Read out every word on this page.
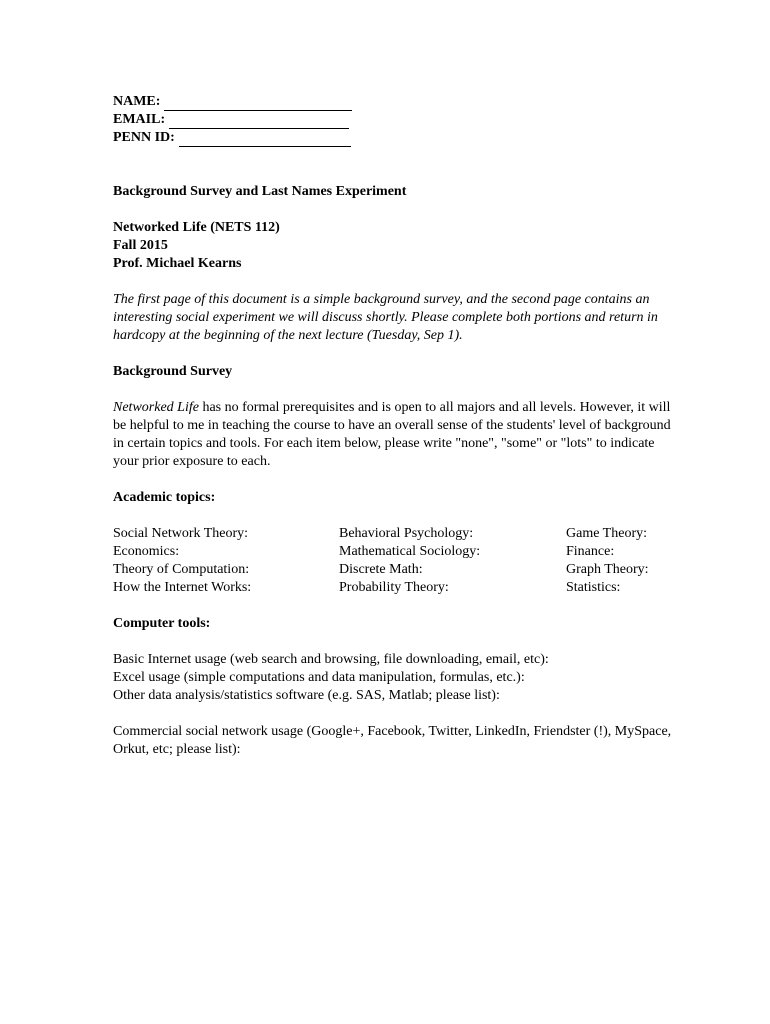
NAME:
EMAIL:
PENN ID:
Background Survey and Last Names Experiment
Networked Life (NETS 112)
Fall 2015
Prof. Michael Kearns

The first page of this document is a simple background survey, and the second page contains an interesting social experiment we will discuss shortly. Please complete both portions and return in hardcopy at the beginning of the next lecture (Tuesday, Sep 1).

Background Survey

Networked Life has no formal prerequisites and is open to all majors and all levels. However, it will be helpful to me in teaching the course to have an overall sense of the students' level of background in certain topics and tools. For each item below, please write "none", "some" or "lots" to indicate your prior exposure to each.

Academic topics:
Social Network Theory:	Behavioral Psychology:	Game Theory:
Economics:	Mathematical Sociology:	Finance:
Theory of Computation:	Discrete Math:	Graph Theory:
How the Internet Works:	Probability Theory:	Statistics:
Computer tools:
Basic Internet usage (web search and browsing, file downloading, email, etc):
Excel usage (simple computations and data manipulation, formulas, etc.):
Other data analysis/statistics software (e.g. SAS, Matlab; please list):

Commercial social network usage (Google+, Facebook, Twitter, LinkedIn, Friendster (!), MySpace, Orkut, etc; please list):
